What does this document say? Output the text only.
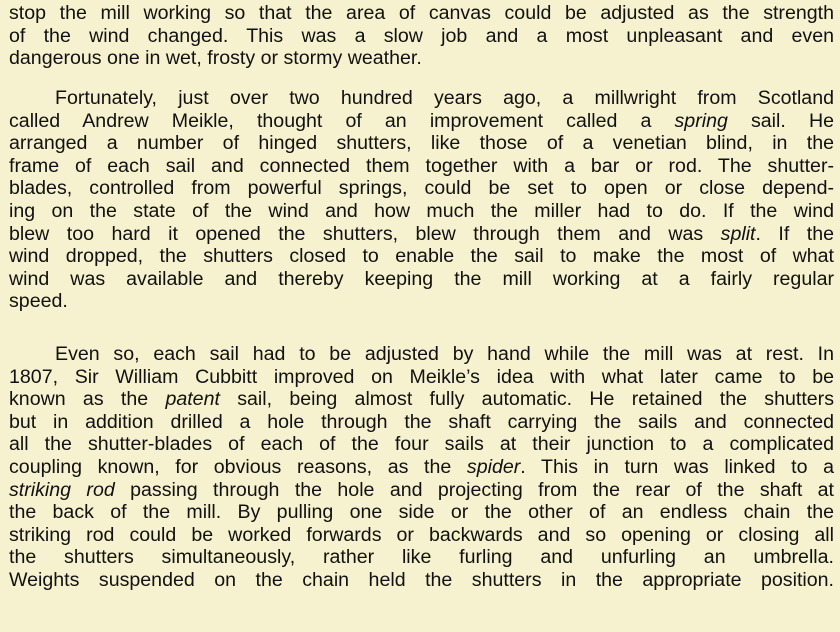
stop the mill working so that the area of canvas could be adjusted as the strength
of the wind changed. This was a slow job and a most unpleasant and even
dangerous one in wet, frosty or stormy weather.
Fortunately, just over two hundred years ago, a millwright from Scotland
called Andrew Meikle, thought of an improvement called a spring sail. He
arranged a number of hinged shutters, like those of a venetian blind, in the
frame of each sail and connected them together with a bar or rod. The shutter-
blades, controlled from powerful springs, could be set to open or close depend-
ing on the state of the wind and how much the miller had to do. If the wind
blew too hard it opened the shutters, blew through them and was split. If the
wind dropped, the shutters closed to enable the sail to make the most of what
wind was available and thereby keeping the mill working at a fairly regular
speed.
Even so, each sail had to be adjusted by hand while the mill was at rest. In
1807, Sir William Cubbitt improved on Meikle’s idea with what later came to be
known as the patent sail, being almost fully automatic. He retained the shutters
but in addition drilled a hole through the shaft carrying the sails and connected
all the shutter-blades of each of the four sails at their junction to a complicated
coupling known, for obvious reasons, as the spider. This in turn was linked to a
striking rod passing through the hole and projecting from the rear of the shaft at
the back of the mill. By pulling one side or the other of an endless chain the
striking rod could be worked forwards or backwards and so opening or closing all
the shutters simultaneously, rather like furling and unfurling an umbrella.
Weights suspended on the chain held the shutters in the appropriate position.
